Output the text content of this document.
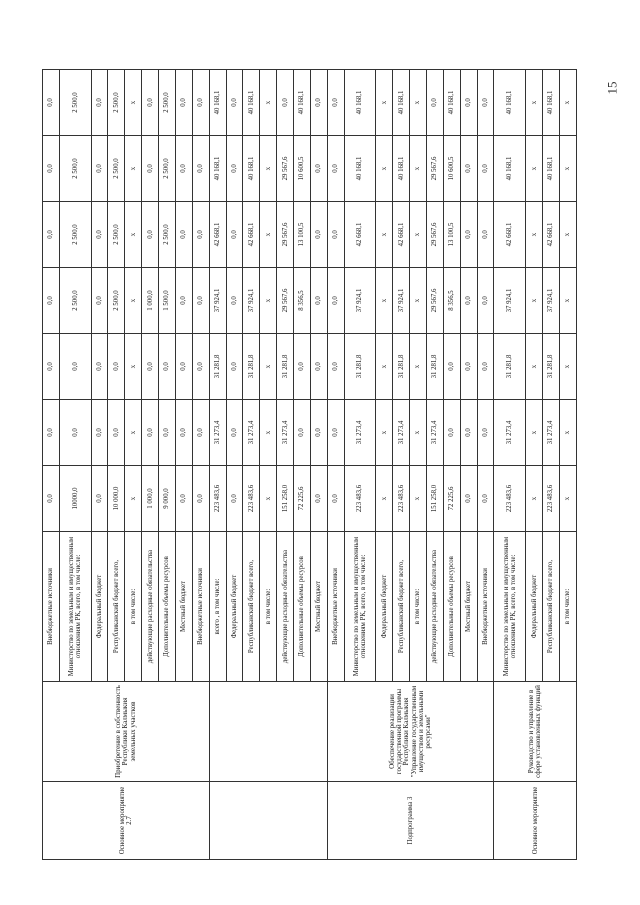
Основное мероприятие 2.7	Приобретение в собственность Республики Калмыкия земельных участков	Внебюджетные источники	0,0	0,0	0,0	0,0	0,0	0,0	0,0
		Министерство по земельным и имущественным отношениям РК, всего, в том числе:	10000,0	0,0	0,0	2 500,0	2 500,0	2 500,0	2 500,0
		Федеральный бюджет	0,0	0,0	0,0	0,0	0,0	0,0	0,0
		Республиканский бюджет всего,	10 000,0	0,0	0,0	2 500,0	2 500,0	2 500,0	2 500,0
		в том числе:	х	х	х	х	х	х	х
		действующие расходные обязательства	1 000,0	0,0	0,0	1 000,0	0,0	0,0	0,0
		Дополнительные объемы ресурсов	9 000,0	0,0	0,0	1 500,0	2 500,0	2 500,0	2 500,0
		Местный бюджет	0,0	0,0	0,0	0,0	0,0	0,0	0,0
		Внебюджетные источники	0,0	0,0	0,0	0,0	0,0	0,0	0,0
		всего , в том числе:	223 483,6	31 273,4	31 281,8	37 924,1	42 668,1	40 168,1	40 168,1
		Федеральный бюджет	0,0	0,0	0,0	0,0	0,0	0,0	0,0
		Республиканский бюджет всего,	223 483,6	31 273,4	31 281,8	37 924,1	42 668,1	40 168,1	40 168,1
		в том числе:	х	х	х	х	х	х	х
		действующие расходные обязательства	151 258,0	31 273,4	31 281,8	29 567,6	29 567,6	29 567,6	0,0
		Дополнительные объемы ресурсов	72 225,6	0,0	0,0	8 356,5	13 100,5	10 600,5	40 168,1
		Местный бюджет	0,0	0,0	0,0	0,0	0,0	0,0	0,0
Подпрограмма 3	Обеспечение реализации государственной программы Республики Калмыкия "Управление государственным имуществом и земельными ресурсами"	Внебюджетные источники	0,0	0,0	0,0	0,0	0,0	0,0	0,0
		Министерство по земельным и имущественным отношениям РК, всего, в том числе:	223 483,6	31 273,4	31 281,8	37 924,1	42 668,1	40 168,1	40 168,1
		Федеральный бюджет	х	х	х	х	х	х	х
		Республиканский бюджет всего,	223 483,6	31 273,4	31 281,8	37 924,1	42 668,1	40 168,1	40 168,1
		в том числе:	х	х	х	х	х	х	х
		действующие расходные обязательства	151 258,0	31 273,4	31 281,8	29 567,6	29 567,6	29 567,6	0,0
		Дополнительные объемы ресурсов	72 225,6	0,0	0,0	8 356,5	13 100,5	10 600,5	40 168,1
		Местный бюджет	0,0	0,0	0,0	0,0	0,0	0,0	0,0
		Внебюджетные источники	0,0	0,0	0,0	0,0	0,0	0,0	0,0
Основное мероприятие	Руководство и управление в сфере установленных функций	Министерство по земельным и имущественным отношениям РК, всего, в том числе:	223 483,6	31 273,4	31 281,8	37 924,1	42 668,1	40 168,1	40 168,1
		Федеральный бюджет	х	х	х	х	х	х	х
		Республиканский бюджет всего,	223 483,6	31 273,4	31 281,8	37 924,1	42 668,1	40 168,1	40 168,1
		в том числе:	х	х	х	х	х	х	х
15
